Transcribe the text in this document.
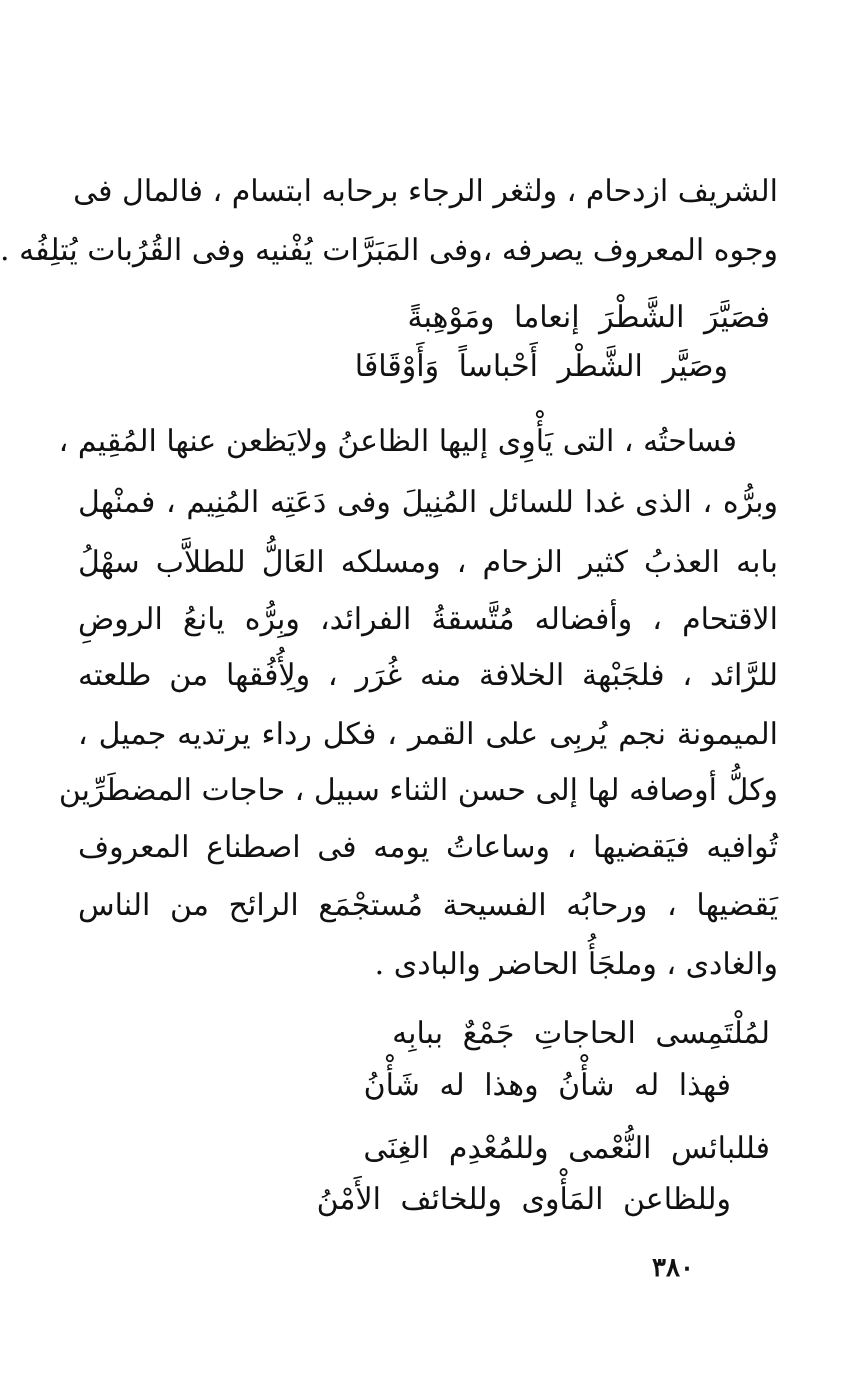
الشريف ازدحام ، ولثغر الرجاء برحابه ابتسام ، فالمال فى
وجوه المعروف يصرفه ،وفى المَبَرَّات يُفْنيه وفى القُرُبات يُتلِفُه .
فصَيَّرَ الشَّطْرَ إنعاما ومَوْهِبةً
وصَيَّر الشَّطْر أَحْباساً وَأَوْقَافَا
فساحتُه ، التى يَأْوِى إليها الظاعنُ ولايَظعن عنها المُقِيم ،
وبرُّه ، الذى غدا للسائل المُنِيلَ وفى دَعَتِه المُنِيم ، فمنْهل
بابه العذبُ كثير الزحام ، ومسلكه العَالُّ للطلاَّب سهْلُ
الاقتحام ، وأفضاله مُتَّسقةُ الفرائد، وبِرُّه يانعُ الروضِ
للرَّائد ، فلجَبْهة الخلافة منه غُرَر ، ولِأُفُقها من طلعته
الميمونة نجم يُربِى على القمر ، فكل رداء يرتديه جميل ،
وكلُّ أوصافه لها إلى حسن الثناء سبيل ، حاجات المضطَرِّين
تُوافيه فيَقضيها ، وساعاتُ يومه فى اصطناع المعروف
يَقضيها ، ورحابُه الفسيحة مُستجْمَع الرائح من الناس
والغادى ، وملجَأُ الحاضر والبادى .
لمُلْتَمِسى الحاجاتِ جَمْعٌ ببابِه
فهذا له شأْنُ وهذا له شَأْنُ
فللبائس النُّعْمى وللمُعْدِم الغِنَى
وللظاعن المَأْوى وللخائف الأَمْنُ
٣٨٠
